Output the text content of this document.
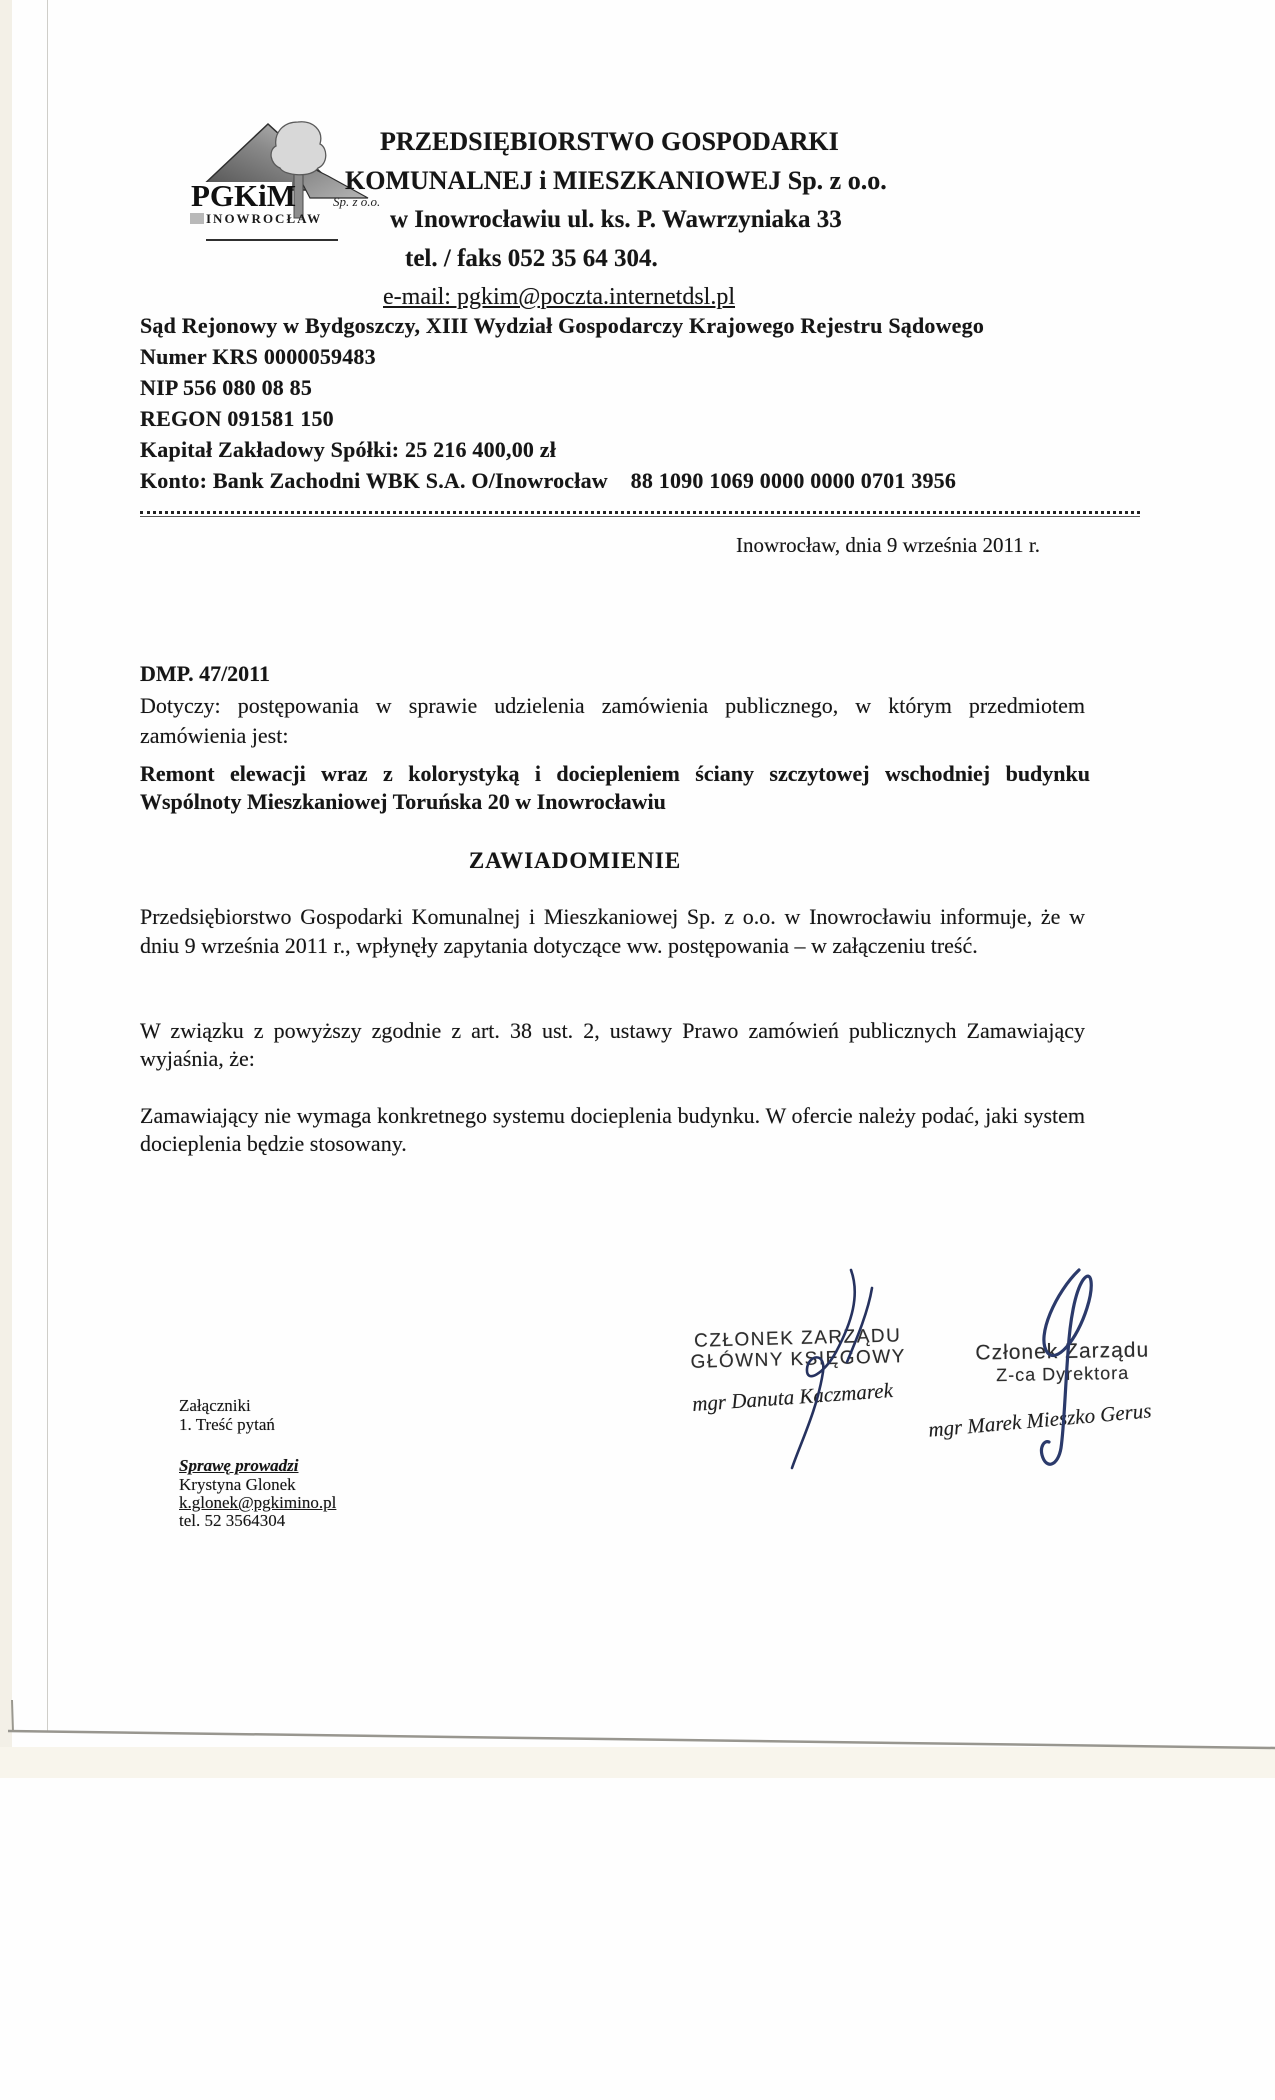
PGKiM	Sp. z o.o.
INOWROCŁAW
PRZEDSIĘBIORSTWO GOSPODARKI
KOMUNALNEJ i MIESZKANIOWEJ Sp. z o.o.
w Inowrocławiu ul. ks. P. Wawrzyniaka 33
tel. / faks 052 35 64 304.
e-mail: pgkim@poczta.internetdsl.pl
Sąd Rejonowy w Bydgoszczy, XIII Wydział Gospodarczy Krajowego Rejestru Sądowego
Numer KRS 0000059483
NIP 556 080 08 85
REGON 091581 150
Kapitał Zakładowy Spółki: 25 216 400,00 zł
Konto: Bank Zachodni WBK S.A. O/Inowrocław    88 1090 1069 0000 0000 0701 3956
Inowrocław, dnia 9 września 2011 r.
DMP. 47/2011
Dotyczy: postępowania w sprawie udzielenia zamówienia publicznego, w którym przedmiotem zamówienia jest:
Remont elewacji wraz z kolorystyką i dociepleniem ściany szczytowej wschodniej budynku Wspólnoty Mieszkaniowej Toruńska 20 w Inowrocławiu
ZAWIADOMIENIE
Przedsiębiorstwo Gospodarki Komunalnej i Mieszkaniowej Sp. z o.o. w Inowrocławiu informuje, że w dniu 9 września 2011 r., wpłynęły zapytania dotyczące ww. postępowania – w załączeniu treść.
W związku z powyższy zgodnie z art. 38 ust. 2, ustawy Prawo zamówień publicznych Zamawiający wyjaśnia, że:
Zamawiający nie wymaga konkretnego systemu docieplenia budynku. W ofercie należy podać, jaki system docieplenia będzie stosowany.
CZŁONEK ZARZĄDU
GŁÓWNY KSIĘGOWY
mgr Danuta Kaczmarek
Członek Zarządu
Z-ca Dyrektora
mgr Marek Mieszko Gerus
Załączniki
1. Treść pytań
Sprawę prowadzi
Krystyna Glonek
k.glonek@pgkimino.pl
tel. 52 3564304
